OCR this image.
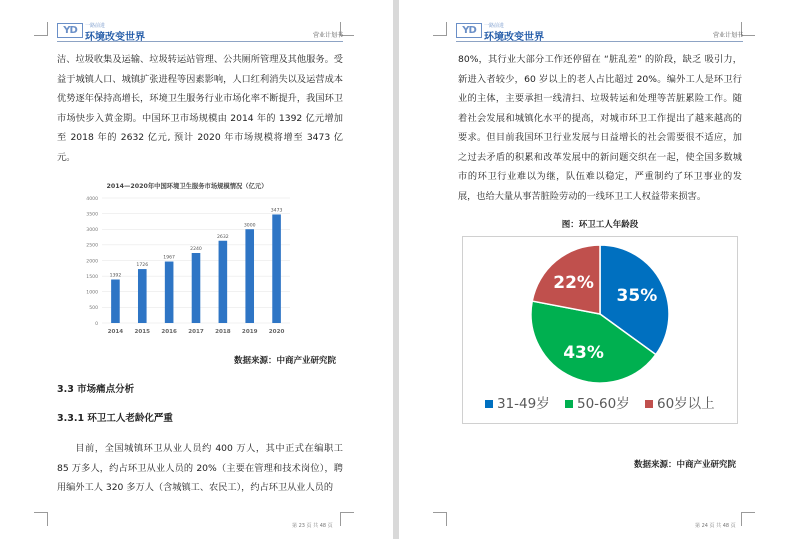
YD	一路前进
环境改变世界	营业计划书
洁、垃圾收集及运输、垃圾转运站管理、公共厕所管理及其他服务。受益于城镇人口、城镇扩张进程等因素影响，人口红利消失以及运营成本优势逐年保持高增长，环境卫生服务行业市场化率不断提升，我国环卫市场快步入黄金期。中国环卫市场规模由 2014 年的 1392 亿元增加至 2018 年的 2632 亿元, 预计 2020 年市场规模将增至 3473 亿元。
2014—2020年中国环境卫生服务市场规模情况（亿元）
0
500
1000
1500
2000
2500
3000
3500
4000
1392
1726
1967
2240
2632
3000
3473
2014 2015 2016 2017 2018 2019 2020
数据来源：中商产业研究院
3.3 市场痛点分析
3.3.1 环卫工人老龄化严重
目前，全国城镇环卫从业人员约 400 万人，其中正式在编职工 85 万多人，约占环卫从业人员的 20%（主要在管理和技术岗位），聘用编外工人 320 多万人（含城镇工、农民工），约占环卫从业人员的
第 23 页 共 48 页
YD	一路前进
环境改变世界	营业计划书
80%，其行业大部分工作还停留在 “脏乱差” 的阶段，缺乏 吸引力，新进入者较少，60 岁以上的老人占比超过 20%。编外工人是环卫行业的主体，主要承担一线清扫、垃圾转运和处理等苦脏累险工作。随着社会发展和城镇化水平的提高，对城市环卫工作提出了越来越高的要求。但目前我国环卫行业发展与日益增长的社会需要很不适应，加之过去矛盾的积累和改革发展中的新问题交织在一起，使全国多数城市的环卫行业难以为继，队伍难以稳定，严重制约了环卫事业的发展，也给大量从事苦脏险劳动的一线环卫工人权益带来损害。
图：环卫工人年龄段
35%
43%
22%
31-49岁 50-60岁 60岁以上
数据来源：中商产业研究院
第 24 页 共 48 页
